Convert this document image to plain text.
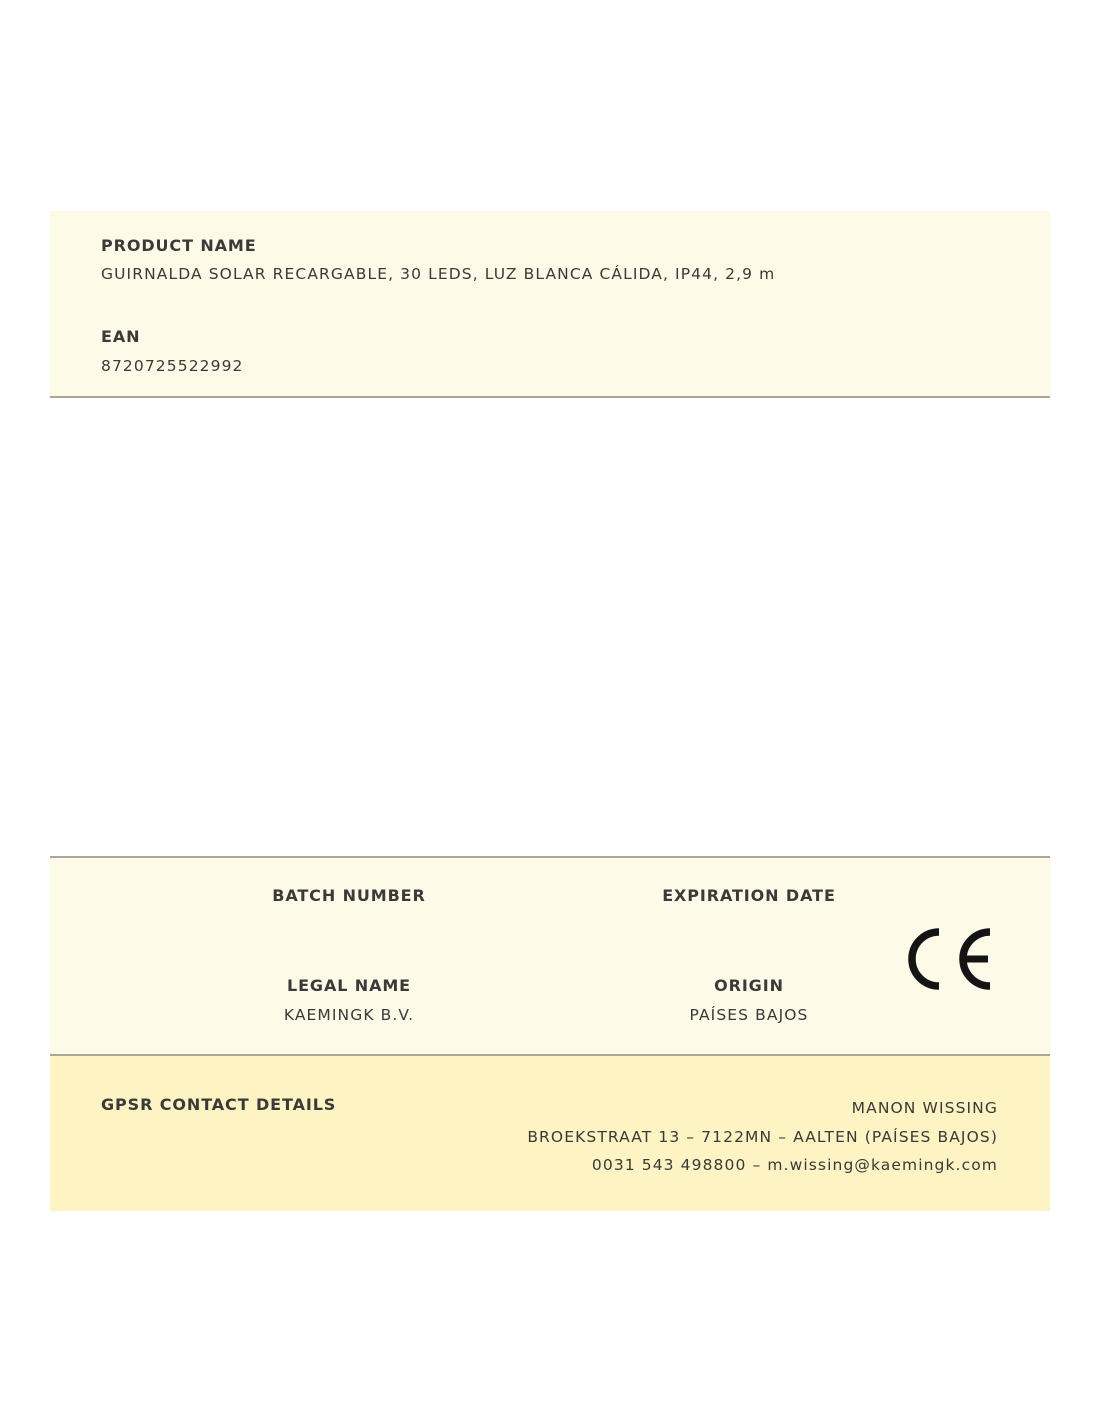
PRODUCT NAME
GUIRNALDA SOLAR RECARGABLE, 30 LEDS, LUZ BLANCA CÁLIDA, IP44, 2,9 m
EAN
8720725522992
BATCH NUMBER	EXPIRATION DATE
LEGAL NAME
KAEMINGK B.V.
ORIGIN
PAÍSES BAJOS
GPSR CONTACT DETAILS	MANON WISSING
BROEKSTRAAT 13 – 7122MN – AALTEN (PAÍSES BAJOS)
0031 543 498800 – m.wissing@kaemingk.com
